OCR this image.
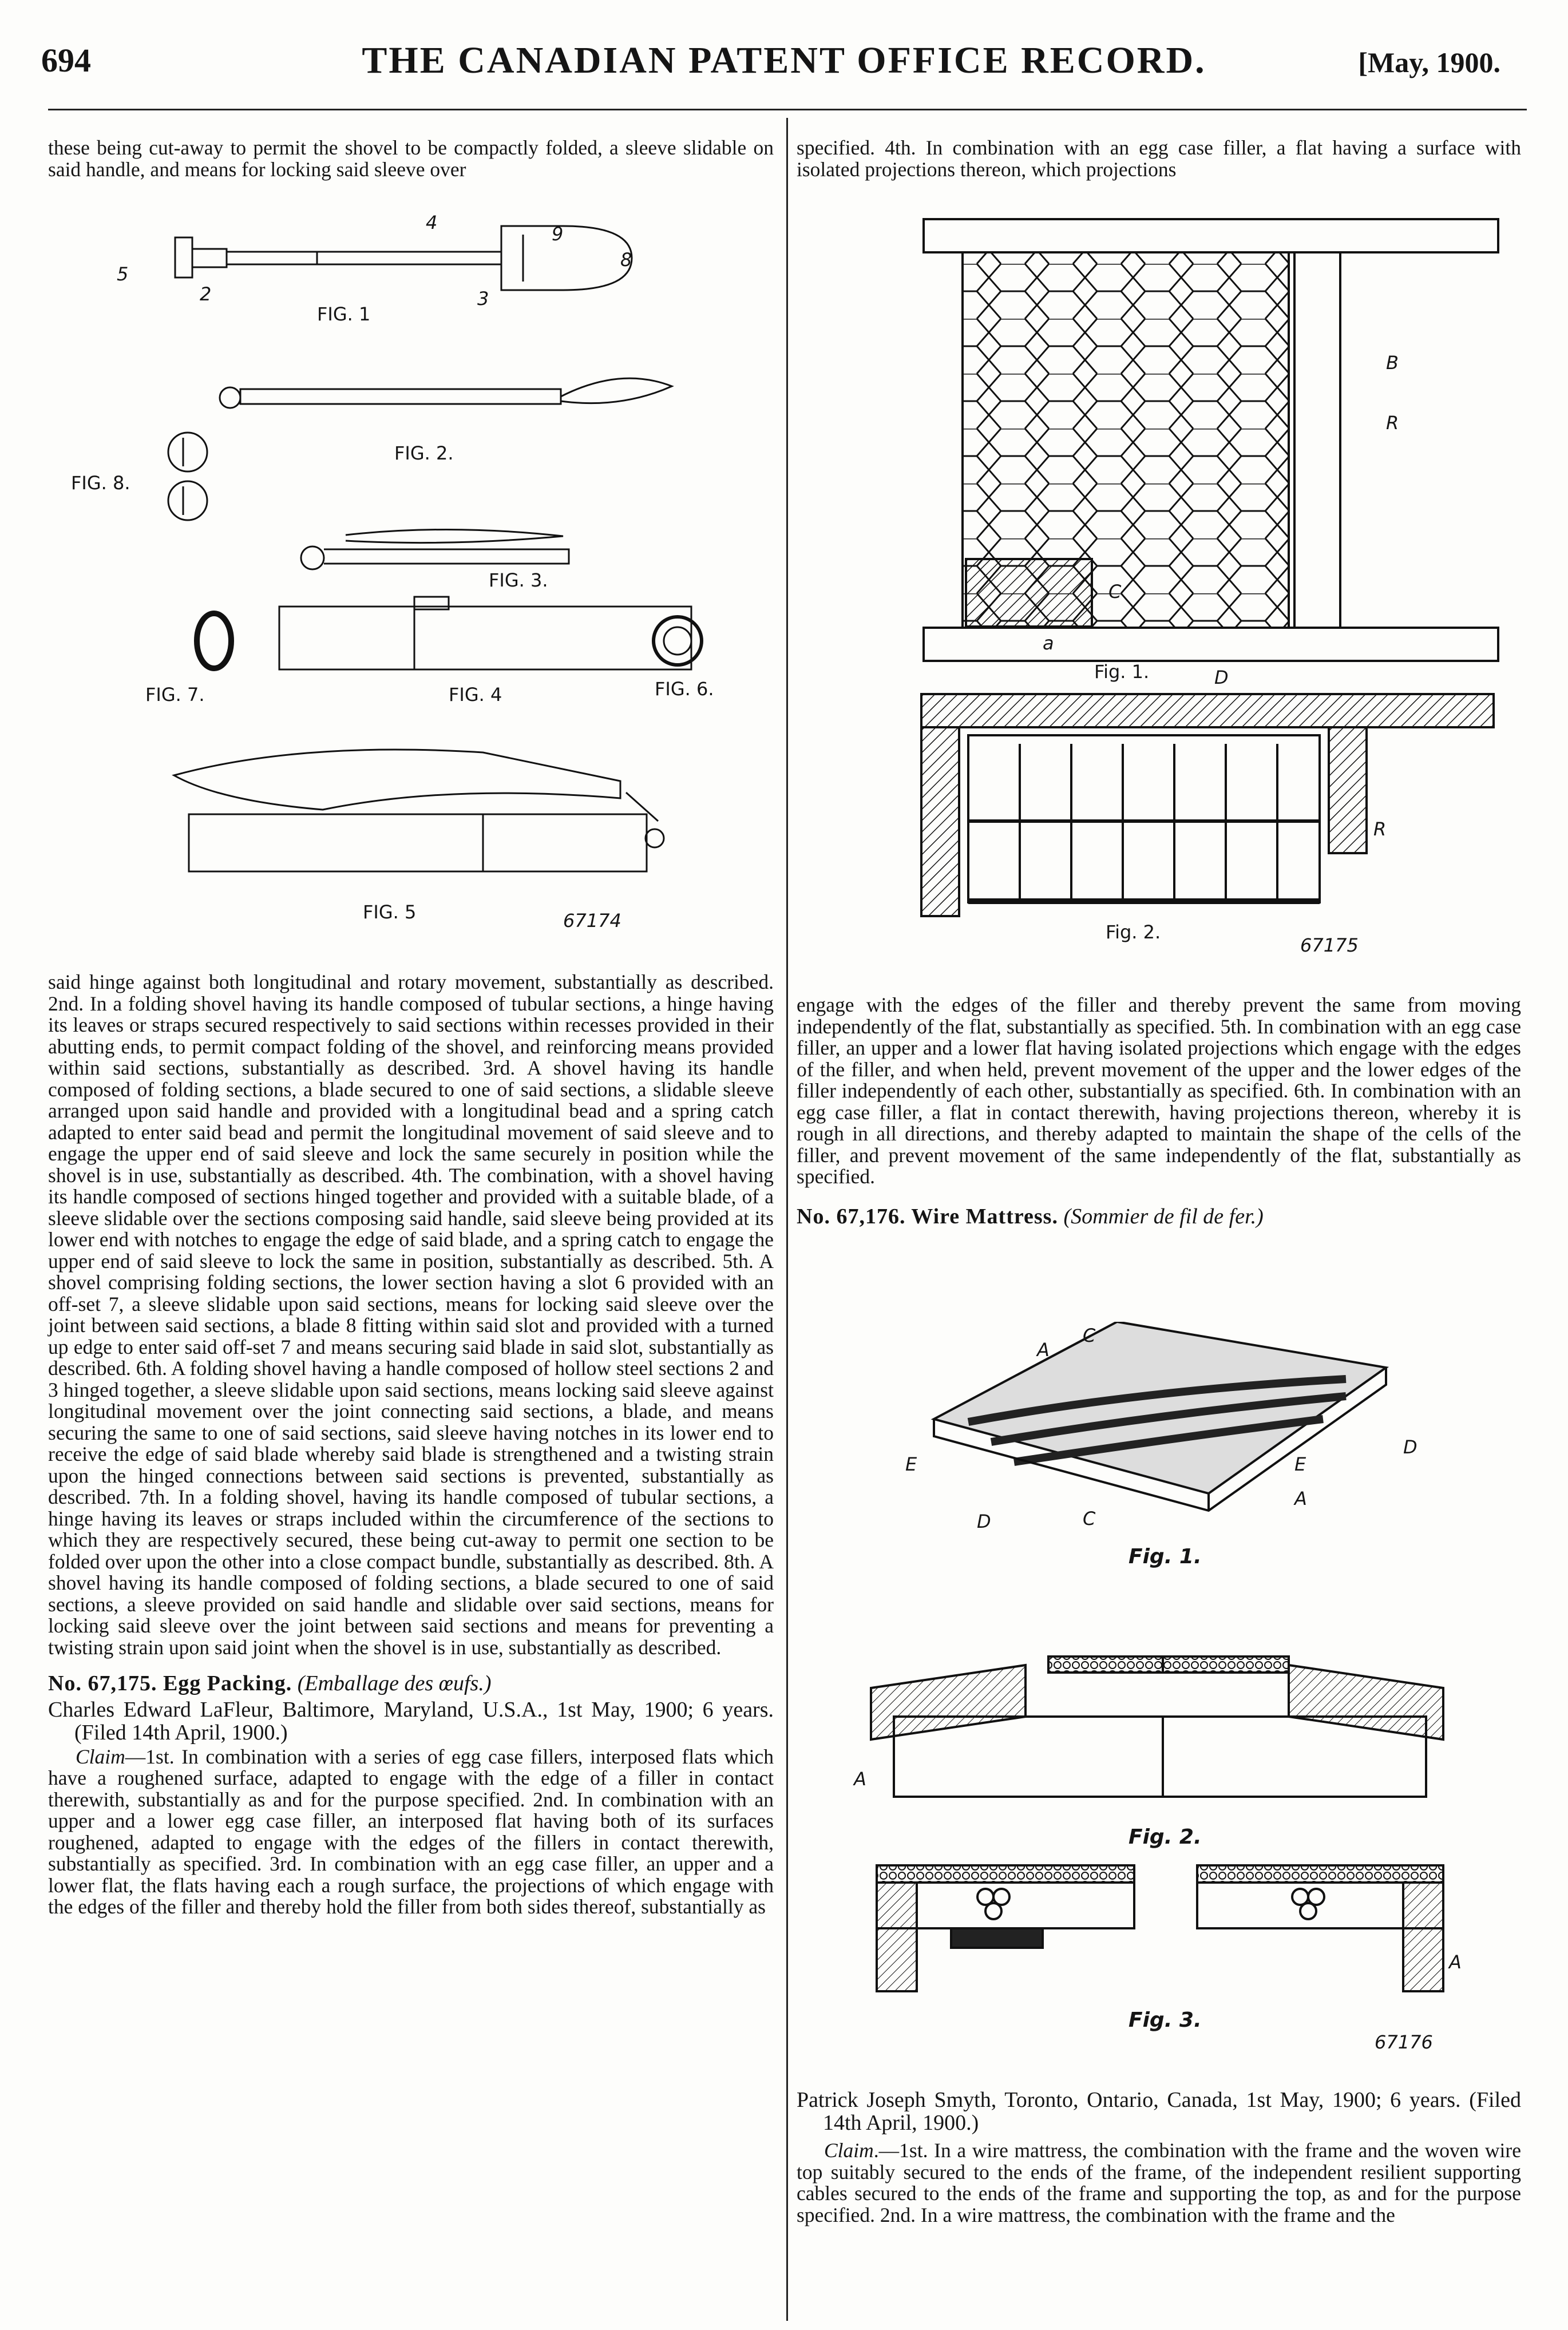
694	THE CANADIAN PATENT OFFICE RECORD.	[May, 1900.

these being cut-away to permit the shovel to be compactly folded, a sleeve slidable on said handle, and means for locking said sleeve over

5
2
4
9
8
3
FIG. 1
FIG. 2.
FIG. 8.
FIG. 3.
FIG. 7.	FIG. 4	FIG. 6.
FIG. 5	67174

said hinge against both longitudinal and rotary movement, substantially as described. 2nd. In a folding shovel having its handle composed of tubular sections, a hinge having its leaves or straps secured respectively to said sections within recesses provided in their abutting ends, to permit compact folding of the shovel, and reinforcing means provided within said sections, substantially as described. 3rd. A shovel having its handle composed of folding sections, a blade secured to one of said sections, a slidable sleeve arranged upon said handle and provided with a longitudinal bead and a spring catch adapted to enter said bead and permit the longitudinal movement of said sleeve and to engage the upper end of said sleeve and lock the same securely in position while the shovel is in use, substantially as described. 4th. The combination, with a shovel having its handle composed of sections hinged together and provided with a suitable blade, of a sleeve slidable over the sections composing said handle, said sleeve being provided at its lower end with notches to engage the edge of said blade, and a spring catch to engage the upper end of said sleeve to lock the same in position, substantially as described. 5th. A shovel comprising folding sections, the lower section having a slot 6 provided with an off-set 7, a sleeve slidable upon said sections, means for locking said sleeve over the joint between said sections, a blade 8 fitting within said slot and provided with a turned up edge to enter said off-set 7 and means securing said blade in said slot, substantially as described. 6th. A folding shovel having a handle composed of hollow steel sections 2 and 3 hinged together, a sleeve slidable upon said sections, means locking said sleeve against longitudinal movement over the joint connecting said sections, a blade, and means securing the same to one of said sections, said sleeve having notches in its lower end to receive the edge of said blade whereby said blade is strengthened and a twisting strain upon the hinged connections between said sections is prevented, substantially as described. 7th. In a folding shovel, having its handle composed of tubular sections, a hinge having its leaves or straps included within the circumference of the sections to which they are respectively secured, these being cut-away to permit one section to be folded over upon the other into a close compact bundle, substantially as described. 8th. A shovel having its handle composed of folding sections, a blade secured to one of said sections, a sleeve provided on said handle and slidable over said sections, means for locking said sleeve over the joint between said sections and means for preventing a twisting strain upon said joint when the shovel is in use, substantially as described.

No. 67,175. Egg Packing. (Emballage des œufs.)

Charles Edward LaFleur, Baltimore, Maryland, U.S.A., 1st May, 1900; 6 years. (Filed 14th April, 1900.)

Claim—1st. In combination with a series of egg case fillers, interposed flats which have a roughened surface, adapted to engage with the edge of a filler in contact therewith, substantially as and for the purpose specified. 2nd. In combination with an upper and a lower egg case filler, an interposed flat having both of its surfaces roughened, adapted to engage with the edges of the fillers in contact therewith, substantially as specified. 3rd. In combination with an egg case filler, an upper and a lower flat, the flats having each a rough surface, the projections of which engage with the edges of the filler and thereby hold the filler from both sides thereof, substantially as

specified. 4th. In combination with an egg case filler, a flat having a surface with isolated projections thereon, which projections

B
R
C
a
D
R
Fig. 1.
Fig. 2.
67175

engage with the edges of the filler and thereby prevent the same from moving independently of the flat, substantially as specified. 5th. In combination with an egg case filler, an upper and a lower flat having isolated projections which engage with the edges of the filler, and when held, prevent movement of the upper and the lower edges of the filler independently of each other, substantially as specified. 6th. In combination with an egg case filler, a flat in contact therewith, having projections thereon, whereby it is rough in all directions, and thereby adapted to maintain the shape of the cells of the filler, and prevent movement of the same independently of the flat, substantially as specified.

No. 67,176. Wire Mattress. (Sommier de fil de fer.)

A
C
E	E
A
C
D
D
A
A
Fig. 1.
Fig. 2.
Fig. 3.
67176

Patrick Joseph Smyth, Toronto, Ontario, Canada, 1st May, 1900; 6 years. (Filed 14th April, 1900.)

Claim.—1st. In a wire mattress, the combination with the frame and the woven wire top suitably secured to the ends of the frame, of the independent resilient supporting cables secured to the ends of the frame and supporting the top, as and for the purpose specified. 2nd. In a wire mattress, the combination with the frame and the
